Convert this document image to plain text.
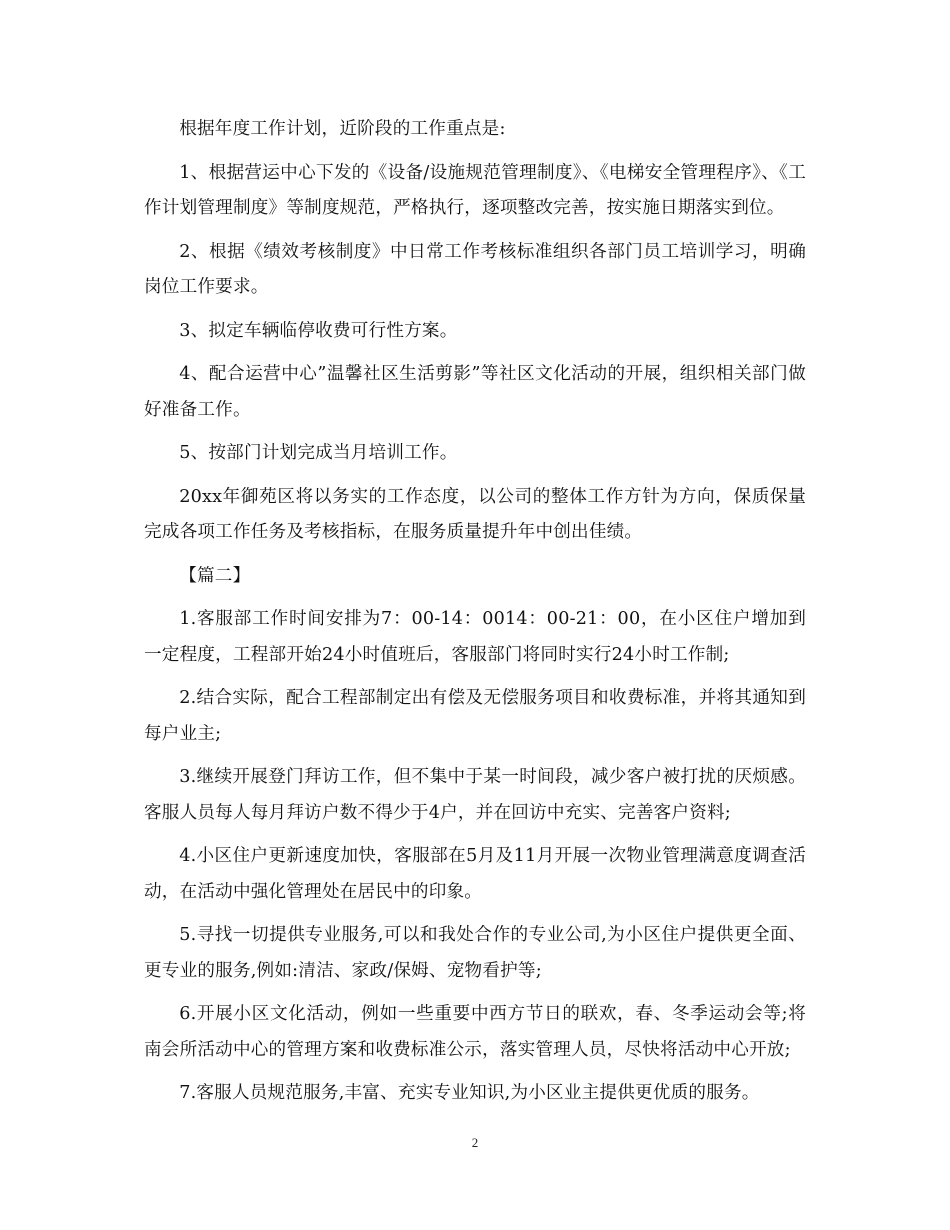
根据年度工作计划，近阶段的工作重点是:

1、根据营运中心下发的《设备/设施规范管理制度》、《电梯安全管理程序》、《工作计划管理制度》等制度规范，严格执行，逐项整改完善，按实施日期落实到位。

2、根据《绩效考核制度》中日常工作考核标准组织各部门员工培训学习，明确岗位工作要求。

3、拟定车辆临停收费可行性方案。

4、配合运营中心”温馨社区生活剪影”等社区文化活动的开展，组织相关部门做好准备工作。

5、按部门计划完成当月培训工作。

20xx年御苑区将以务实的工作态度，以公司的整体工作方针为方向，保质保量完成各项工作任务及考核指标，在服务质量提升年中创出佳绩。

【篇二】

1.客服部工作时间安排为7：00-14：0014：00-21：00，在小区住户增加到一定程度，工程部开始24小时值班后，客服部门将同时实行24小时工作制;

2.结合实际，配合工程部制定出有偿及无偿服务项目和收费标准，并将其通知到每户业主;

3.继续开展登门拜访工作，但不集中于某一时间段，减少客户被打扰的厌烦感。客服人员每人每月拜访户数不得少于4户，并在回访中充实、完善客户资料;

4.小区住户更新速度加快，客服部在5月及11月开展一次物业管理满意度调查活动，在活动中强化管理处在居民中的印象。

5.寻找一切提供专业服务,可以和我处合作的专业公司,为小区住户提供更全面、更专业的服务,例如:清洁、家政/保姆、宠物看护等;

6.开展小区文化活动，例如一些重要中西方节日的联欢，春、冬季运动会等;将南会所活动中心的管理方案和收费标准公示，落实管理人员，尽快将活动中心开放;

7.客服人员规范服务,丰富、充实专业知识,为小区业主提供更优质的服务。

2
